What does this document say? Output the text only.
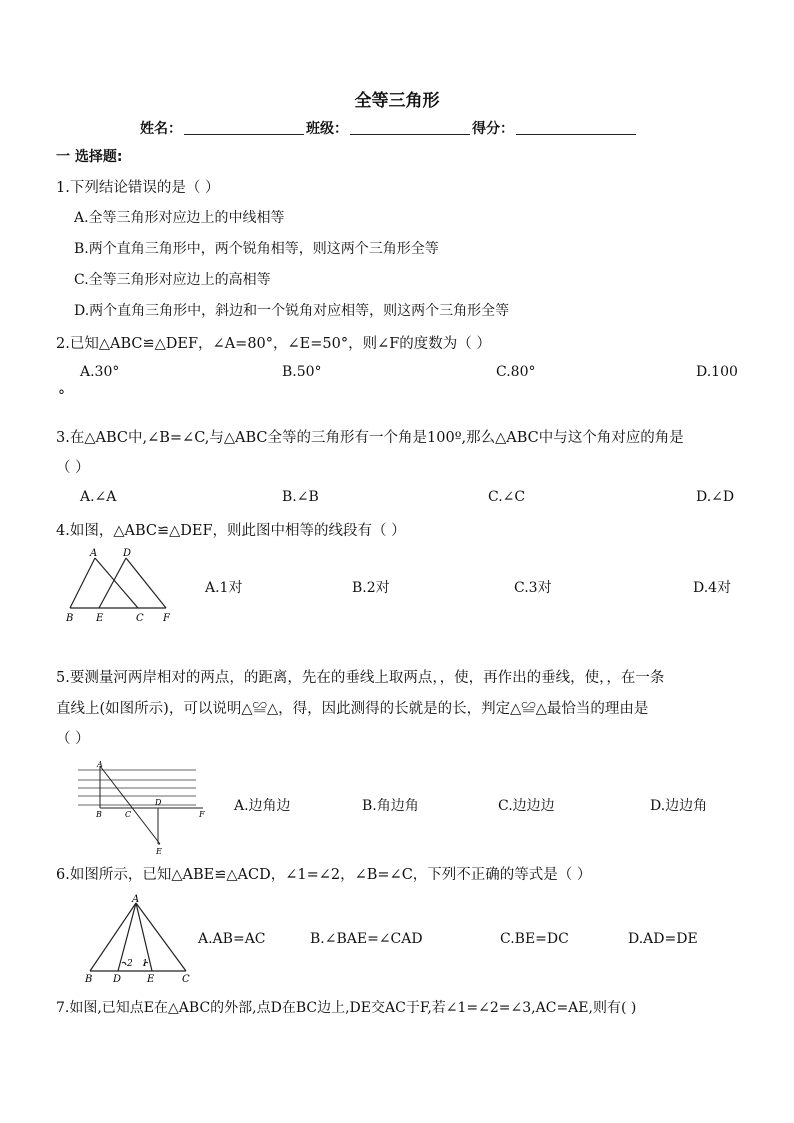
全等三角形
姓名：	班级：	得分：
一 选择题:
1.下列结论错误的是（ ）
A.全等三角形对应边上的中线相等
B.两个直角三角形中，两个锐角相等，则这两个三角形全等
C.全等三角形对应边上的高相等
D.两个直角三角形中，斜边和一个锐角对应相等，则这两个三角形全等
2.已知△ABC≌△DEF，∠A=80°，∠E=50°，则∠F的度数为（ ）
A.30°	B.50°	C.80°	D.100
°
3.在△ABC中,∠B=∠C,与△ABC全等的三角形有一个角是100º,那么△ABC中与这个角对应的角是
（ ）
A.∠A	B.∠B	C.∠C	D.∠D
4.如图，△ABC≌△DEF，则此图中相等的线段有（ ）
A	D
B E	C F
A.1对	B.2对	C.3对	D.4对
5.要测量河两岸相对的两点，的距离，先在的垂线上取两点，，使，再作出的垂线，使，，在一条
直线上(如图所示)，可以说明△≌△，得，因此测得的长就是的长，判定△≌△最恰当的理由是
（ ）
A
B	C
D
E
F
A.边角边	B.角边角	C.边边边	D.边边角
6.如图所示，已知△ABE≌△ACD，∠1=∠2，∠B=∠C，下列不正确的等式是（ ）
A
B D	E	C
2 1
A.AB=AC	B.∠BAE=∠CAD	C.BE=DC	D.AD=DE
7.如图,已知点E在△ABC的外部,点D在BC边上,DE交AC于F,若∠1=∠2=∠3,AC=AE,则有( )
